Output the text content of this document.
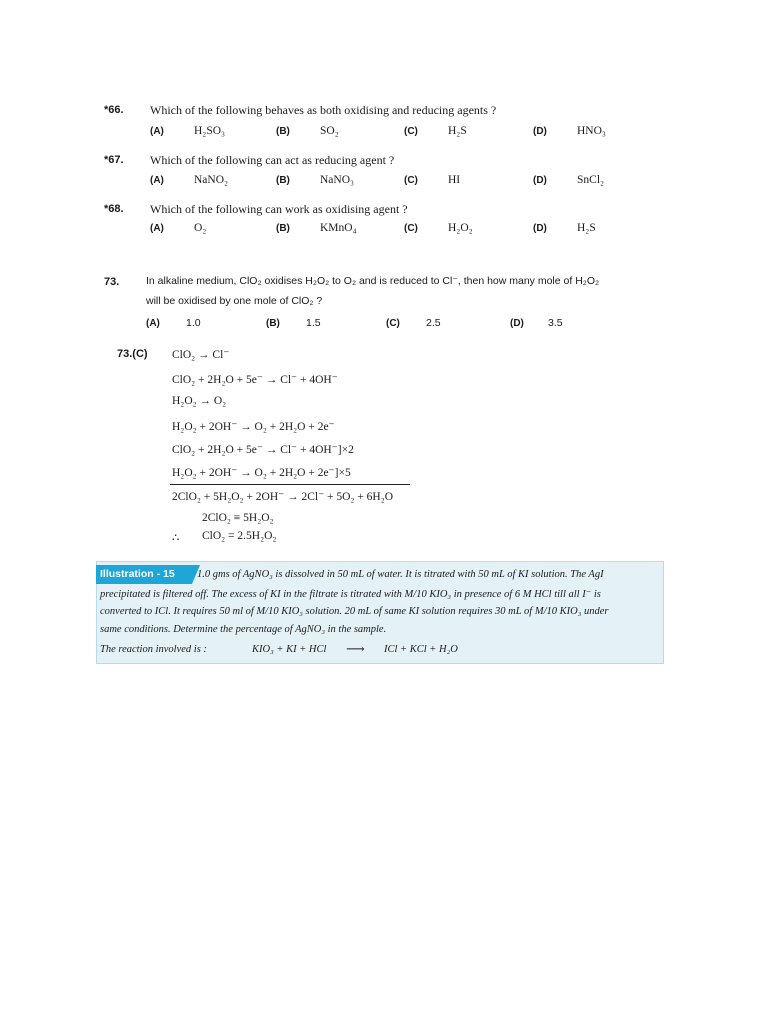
*66. Which of the following behaves as both oxidising and reducing agents ?
(A)	H₂SO₃	(B)	SO₂	(C)	H₂S	(D)	HNO₃
*67. Which of the following can act as reducing agent ?
(A)	NaNO₂	(B)	NaNO₃	(C)	HI	(D)	SnCl₂
*68. Which of the following can work as oxidising agent ?
(A)	O₂	(B)	KMnO₄	(C)	H₂O₂	(D)	H₂S
73.	In alkaline medium, ClO₂ oxidises H₂O₂ to O₂ and is reduced to Cl⁻, then how many mole of H₂O₂
will be oxidised by one mole of ClO₂ ?
(A) 1.0	(B) 1.5	(C) 2.5	(D) 3.5
73.(C) ClO₂ → Cl⁻
ClO₂ + 2H₂O + 5e⁻ → Cl⁻ + 4OH⁻
H₂O₂ → O₂
H₂O₂ + 2OH⁻ → O₂ + 2H₂O + 2e⁻
ClO₂ + 2H₂O + 5e⁻ → Cl⁻ + 4OH⁻]×2
H₂O₂ + 2OH⁻ → O₂ + 2H₂O + 2e⁻]×5
2ClO₂ + 5H₂O₂ + 2OH⁻ → 2Cl⁻ + 5O₂ + 6H₂O
2ClO₂ ≡ 5H₂O₂
∴ ClO₂ = 2.5H₂O₂
Illustration - 15	1.0 gms of AgNO₃ is dissolved in 50 mL of water. It is titrated with 50 mL of KI solution. The AgI
precipitated is filtered off. The excess of KI in the filtrate is titrated with M/10 KIO₃ in presence of 6 M HCl till all I⁻ is
converted to ICl. It requires 50 ml of M/10 KIO₃ solution. 20 mL of same KI solution requires 30 mL of M/10 KIO₃ under
same conditions. Determine the percentage of AgNO₃ in the sample.
The reaction involved is :	KIO₃ + KI + HCl ⟶ ICl + KCl + H₂O
